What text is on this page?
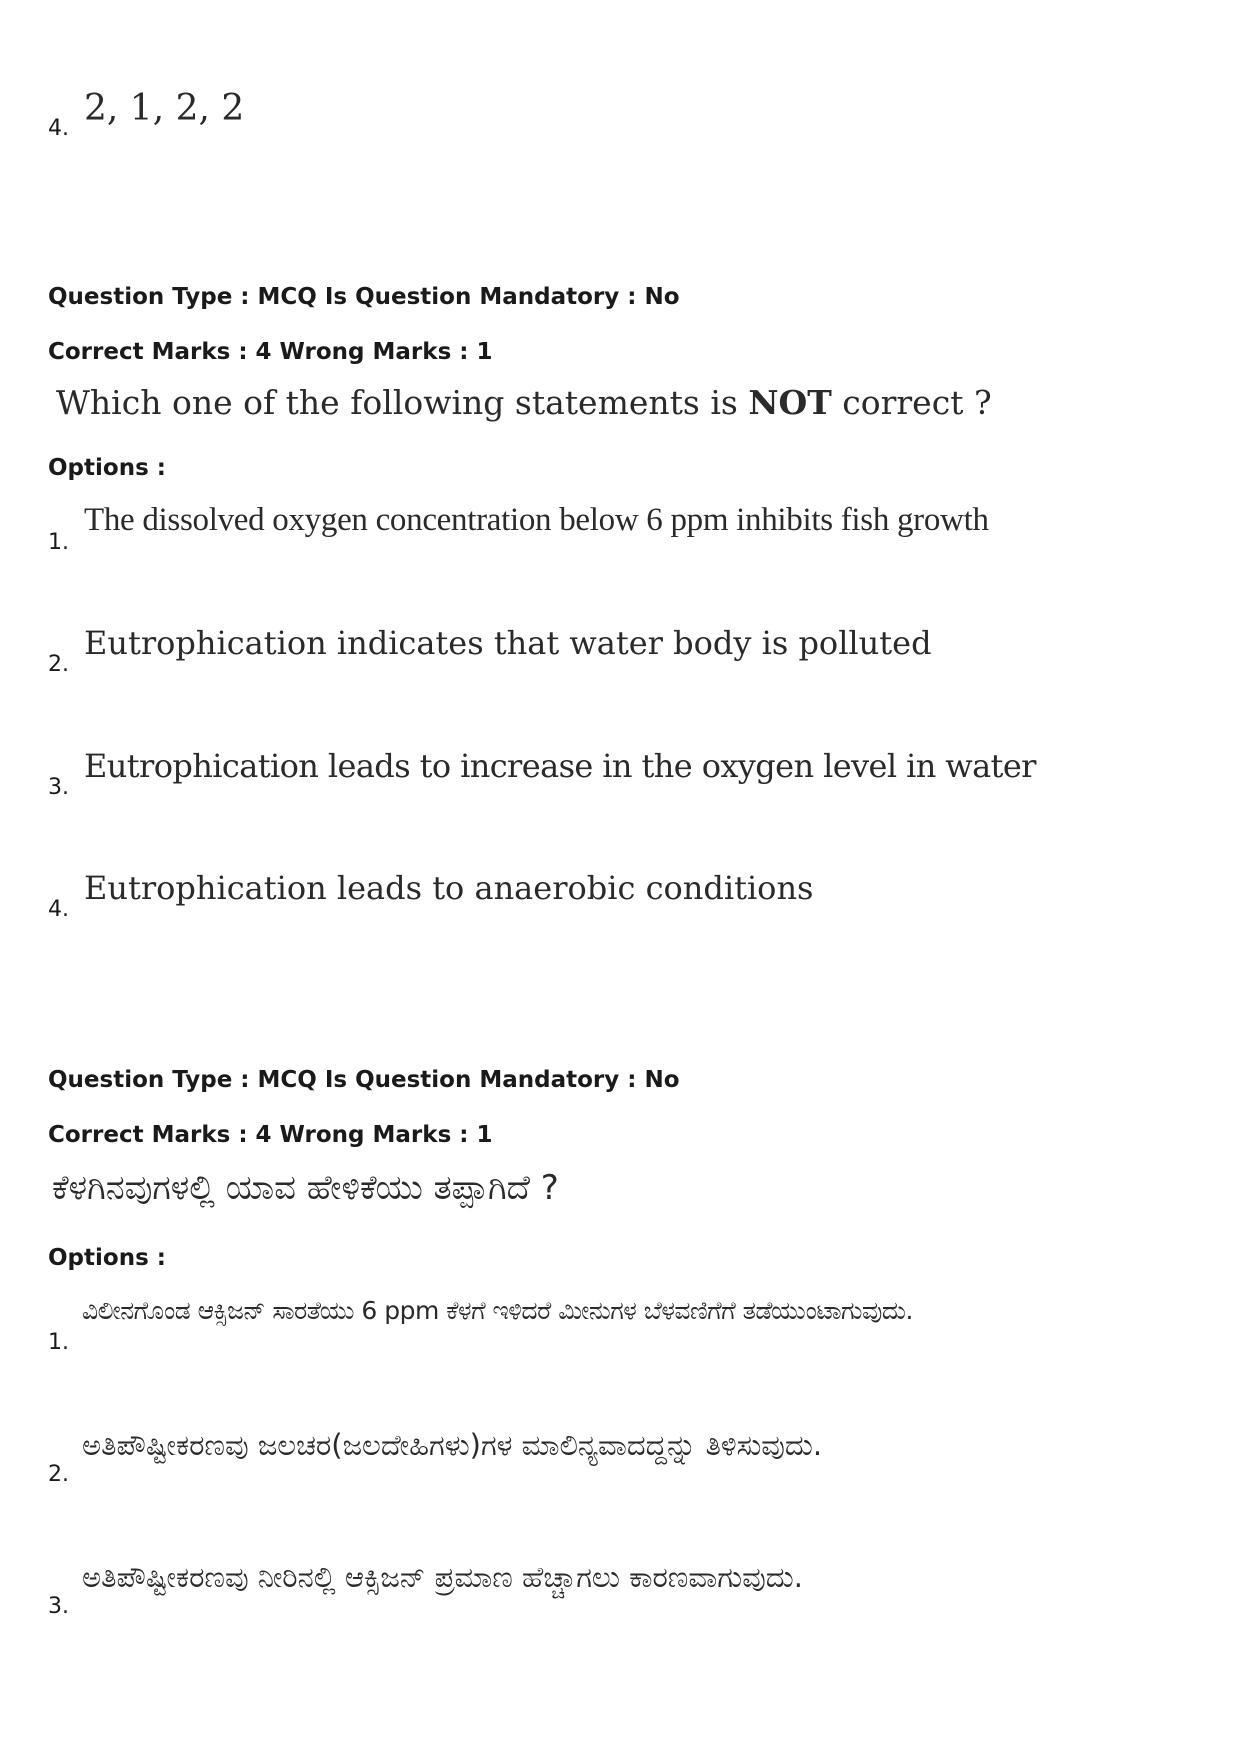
4. 2, 1, 2, 2
Question Type : MCQ Is Question Mandatory : No
Correct Marks : 4 Wrong Marks : 1
Which one of the following statements is NOT correct ?
Options :
1.
The dissolved oxygen concentration below 6 ppm inhibits fish growth
2.
Eutrophication indicates that water body is polluted
3.
Eutrophication leads to increase in the oxygen level in water
4.
Eutrophication leads to anaerobic conditions
Question Type : MCQ Is Question Mandatory : No
Correct Marks : 4 Wrong Marks : 1
ಕೆಳಗಿನವುಗಳಲ್ಲಿ ಯಾವ ಹೇಳಿಕೆಯು ತಪ್ಪಾಗಿದೆ ?
Options :
1.
ವಿಲೀನಗೊಂಡ ಆಕ್ಸಿಜನ್ ಸಾರತೆಯು 6 ppm ಕೆಳಗೆ ಇಳಿದರೆ ಮೀನುಗಳ ಬೆಳವಣಿಗೆಗೆ ತಡೆಯುಂಟಾಗುವುದು.
2.
ಅತಿಪೌಷ್ಟೀಕರಣವು ಜಲಚರ(ಜಲದೇಹಿಗಳು)ಗಳ ಮಾಲಿನ್ಯವಾದದ್ದನ್ನು ತಿಳಿಸುವುದು.
3.
ಅತಿಪೌಷ್ಟೀಕರಣವು ನೀರಿನಲ್ಲಿ ಆಕ್ಸಿಜನ್ ಪ್ರಮಾಣ ಹೆಚ್ಚಾಗಲು ಕಾರಣವಾಗುವುದು.
